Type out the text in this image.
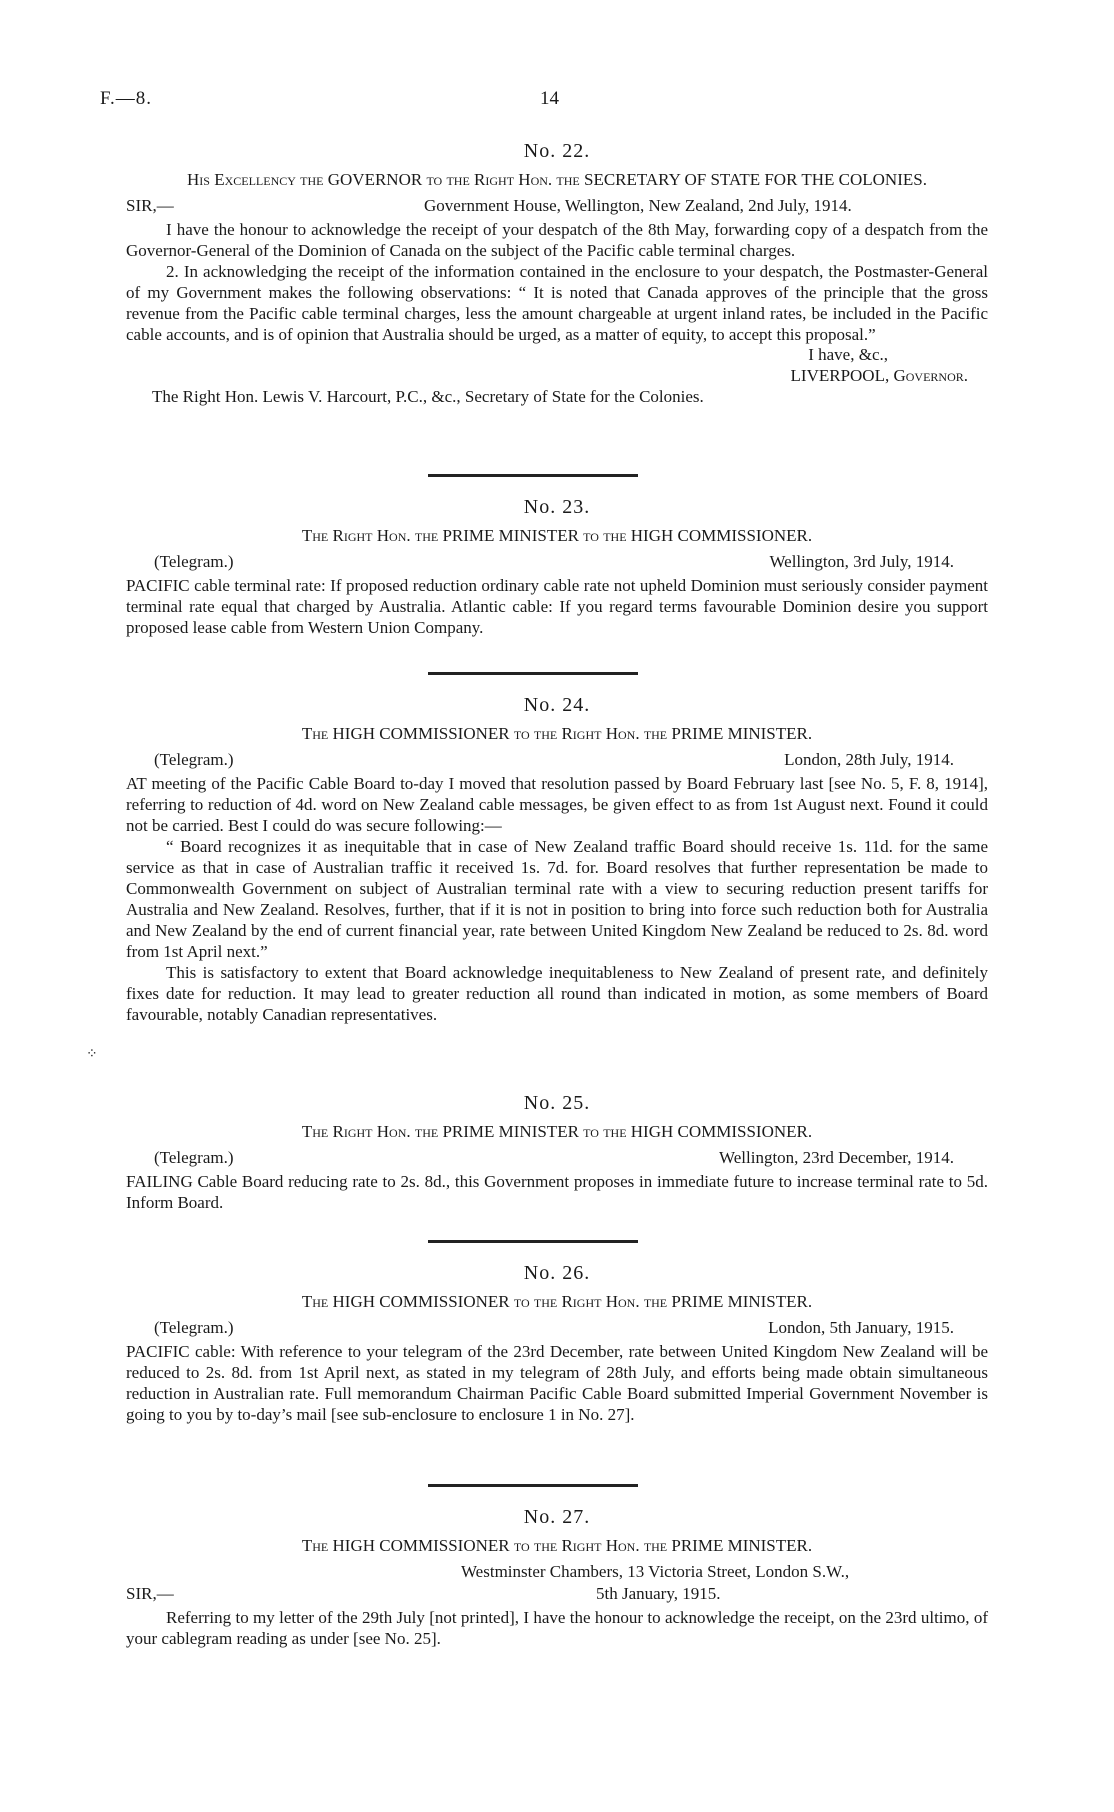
F.—8.	14
No. 22.
His Excellency the GOVERNOR to the Right Hon. the SECRETARY OF STATE FOR THE COLONIES.
SIR,—	Government House, Wellington, New Zealand, 2nd July, 1914.

I have the honour to acknowledge the receipt of your despatch of the 8th May, forwarding copy of a despatch from the Governor-General of the Dominion of Canada on the subject of the Pacific cable terminal charges.

2. In acknowledging the receipt of the information contained in the enclosure to your despatch, the Postmaster-General of my Government makes the following observations: “ It is noted that Canada approves of the principle that the gross revenue from the Pacific cable terminal charges, less the amount chargeable at urgent inland rates, be included in the Pacific cable accounts, and is of opinion that Australia should be urged, as a matter of equity, to accept this proposal.”

I have, &c.,
LIVERPOOL, Governor.
The Right Hon. Lewis V. Harcourt, P.C., &c., Secretary of State for the Colonies.
No. 23.
The Right Hon. the PRIME MINISTER to the HIGH COMMISSIONER.
(Telegram.)	Wellington, 3rd July, 1914.

PACIFIC cable terminal rate: If proposed reduction ordinary cable rate not upheld Dominion must seriously consider payment terminal rate equal that charged by Australia. Atlantic cable: If you regard terms favourable Dominion desire you support proposed lease cable from Western Union Company.

No. 24.
The HIGH COMMISSIONER to the Right Hon. the PRIME MINISTER.
(Telegram.)	London, 28th July, 1914.

AT meeting of the Pacific Cable Board to-day I moved that resolution passed by Board February last [see No. 5, F. 8, 1914], referring to reduction of 4d. word on New Zealand cable messages, be given effect to as from 1st August next. Found it could not be carried. Best I could do was secure following:—

“ Board recognizes it as inequitable that in case of New Zealand traffic Board should receive 1s. 11d. for the same service as that in case of Australian traffic it received 1s. 7d. for. Board resolves that further representation be made to Commonwealth Government on subject of Australian terminal rate with a view to securing reduction present tariffs for Australia and New Zealand. Resolves, further, that if it is not in position to bring into force such reduction both for Australia and New Zealand by the end of current financial year, rate between United Kingdom New Zealand be reduced to 2s. 8d. word from 1st April next.”

This is satisfactory to extent that Board acknowledge inequitableness to New Zealand of present rate, and definitely fixes date for reduction. It may lead to greater reduction all round than indicated in motion, as some members of Board favourable, notably Canadian representatives.

⁘
No. 25.
The Right Hon. the PRIME MINISTER to the HIGH COMMISSIONER.
(Telegram.)	Wellington, 23rd December, 1914.

FAILING Cable Board reducing rate to 2s. 8d., this Government proposes in immediate future to increase terminal rate to 5d. Inform Board.

No. 26.
The HIGH COMMISSIONER to the Right Hon. the PRIME MINISTER.
(Telegram.)	London, 5th January, 1915.

PACIFIC cable: With reference to your telegram of the 23rd December, rate between United Kingdom New Zealand will be reduced to 2s. 8d. from 1st April next, as stated in my telegram of 28th July, and efforts being made obtain simultaneous reduction in Australian rate. Full memorandum Chairman Pacific Cable Board submitted Imperial Government November is going to you by to-day’s mail [see sub-enclosure to enclosure 1 in No. 27].

No. 27.
The HIGH COMMISSIONER to the Right Hon. the PRIME MINISTER.
Westminster Chambers, 13 Victoria Street, London S.W.,
SIR,—	5th January, 1915.

Referring to my letter of the 29th July [not printed], I have the honour to acknowledge the receipt, on the 23rd ultimo, of your cablegram reading as under [see No. 25].
